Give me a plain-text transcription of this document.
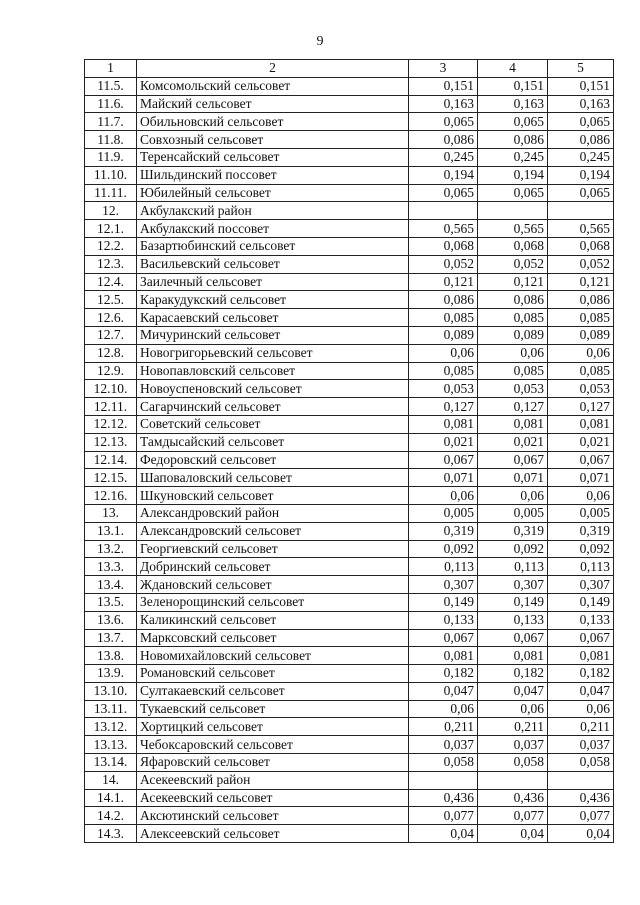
9
1	2	3	4	5
11.5.	Комсомольский сельсовет	0,151	0,151	0,151
11.6.	Майский сельсовет	0,163	0,163	0,163
11.7.	Обильновский сельсовет	0,065	0,065	0,065
11.8.	Совхозный сельсовет	0,086	0,086	0,086
11.9.	Теренсайский сельсовет	0,245	0,245	0,245
11.10.	Шильдинский поссовет	0,194	0,194	0,194
11.11.	Юбилейный сельсовет	0,065	0,065	0,065
12.	Акбулакский район			
12.1.	Акбулакский поссовет	0,565	0,565	0,565
12.2.	Базартюбинский сельсовет	0,068	0,068	0,068
12.3.	Васильевский сельсовет	0,052	0,052	0,052
12.4.	Заилечный сельсовет	0,121	0,121	0,121
12.5.	Каракудукский сельсовет	0,086	0,086	0,086
12.6.	Карасаевский сельсовет	0,085	0,085	0,085
12.7.	Мичуринский сельсовет	0,089	0,089	0,089
12.8.	Новогригорьевский сельсовет	0,06	0,06	0,06
12.9.	Новопавловский сельсовет	0,085	0,085	0,085
12.10.	Новоуспеновский сельсовет	0,053	0,053	0,053
12.11.	Сагарчинский сельсовет	0,127	0,127	0,127
12.12.	Советский сельсовет	0,081	0,081	0,081
12.13.	Тамдысайский сельсовет	0,021	0,021	0,021
12.14.	Федоровский сельсовет	0,067	0,067	0,067
12.15.	Шаповаловский сельсовет	0,071	0,071	0,071
12.16.	Шкуновский сельсовет	0,06	0,06	0,06
13.	Александровский район	0,005	0,005	0,005
13.1.	Александровский сельсовет	0,319	0,319	0,319
13.2.	Георгиевский сельсовет	0,092	0,092	0,092
13.3.	Добринский сельсовет	0,113	0,113	0,113
13.4.	Ждановский сельсовет	0,307	0,307	0,307
13.5.	Зеленорощинский сельсовет	0,149	0,149	0,149
13.6.	Каликинский сельсовет	0,133	0,133	0,133
13.7.	Марксовский сельсовет	0,067	0,067	0,067
13.8.	Новомихайловский сельсовет	0,081	0,081	0,081
13.9.	Романовский сельсовет	0,182	0,182	0,182
13.10.	Султакаевский сельсовет	0,047	0,047	0,047
13.11.	Тукаевский сельсовет	0,06	0,06	0,06
13.12.	Хортицкий сельсовет	0,211	0,211	0,211
13.13.	Чебоксаровский сельсовет	0,037	0,037	0,037
13.14.	Яфаровский сельсовет	0,058	0,058	0,058
14.	Асекеевский район			
14.1.	Асекеевский сельсовет	0,436	0,436	0,436
14.2.	Аксютинский сельсовет	0,077	0,077	0,077
14.3.	Алексеевский сельсовет	0,04	0,04	0,04
